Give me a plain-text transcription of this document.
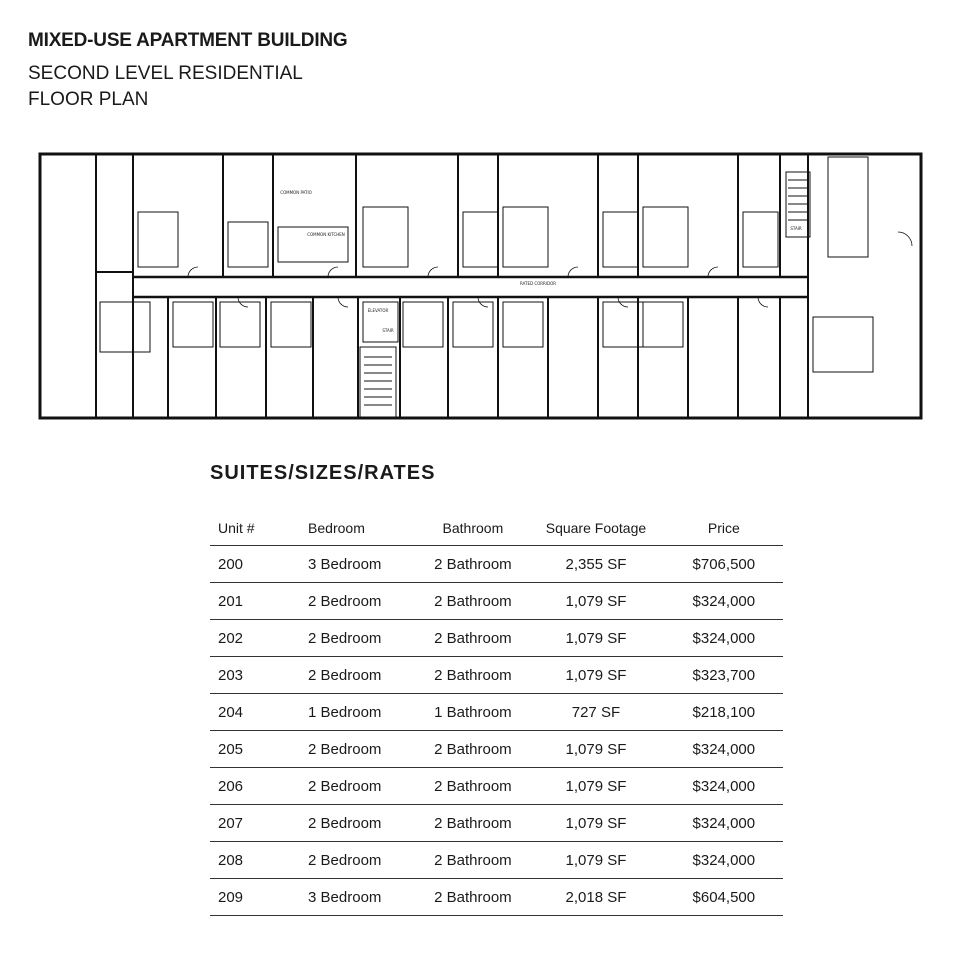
MIXED-USE APARTMENT BUILDING
SECOND LEVEL RESIDENTIAL
FLOOR PLAN
COMMON PATIO
COMMON KITCHEN
RATED CORRIDOR
ELEVATOR
STAIR
STAIR
SUITES/SIZES/RATES
Unit #	Bedroom	Bathroom	Square Footage	Price
200	3 Bedroom	2 Bathroom	2,355 SF	$706,500
201	2 Bedroom	2 Bathroom	1,079 SF	$324,000
202	2 Bedroom	2 Bathroom	1,079 SF	$324,000
203	2 Bedroom	2 Bathroom	1,079 SF	$323,700
204	1 Bedroom	1 Bathroom	727 SF	$218,100
205	2 Bedroom	2 Bathroom	1,079 SF	$324,000
206	2 Bedroom	2 Bathroom	1,079 SF	$324,000
207	2 Bedroom	2 Bathroom	1,079 SF	$324,000
208	2 Bedroom	2 Bathroom	1,079 SF	$324,000
209	3 Bedroom	2 Bathroom	2,018 SF	$604,500
